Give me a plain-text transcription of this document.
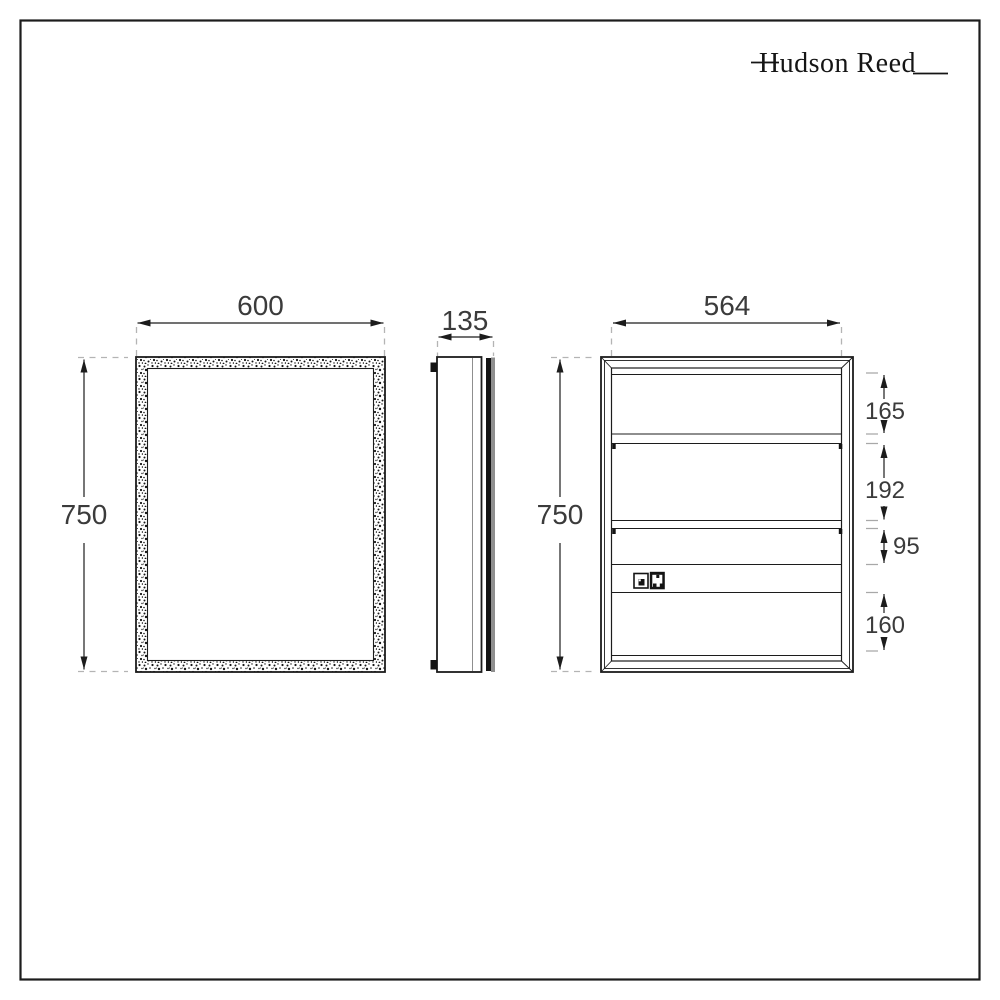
Hudson Reed
600
750
135	564
750
165
192
95
160
